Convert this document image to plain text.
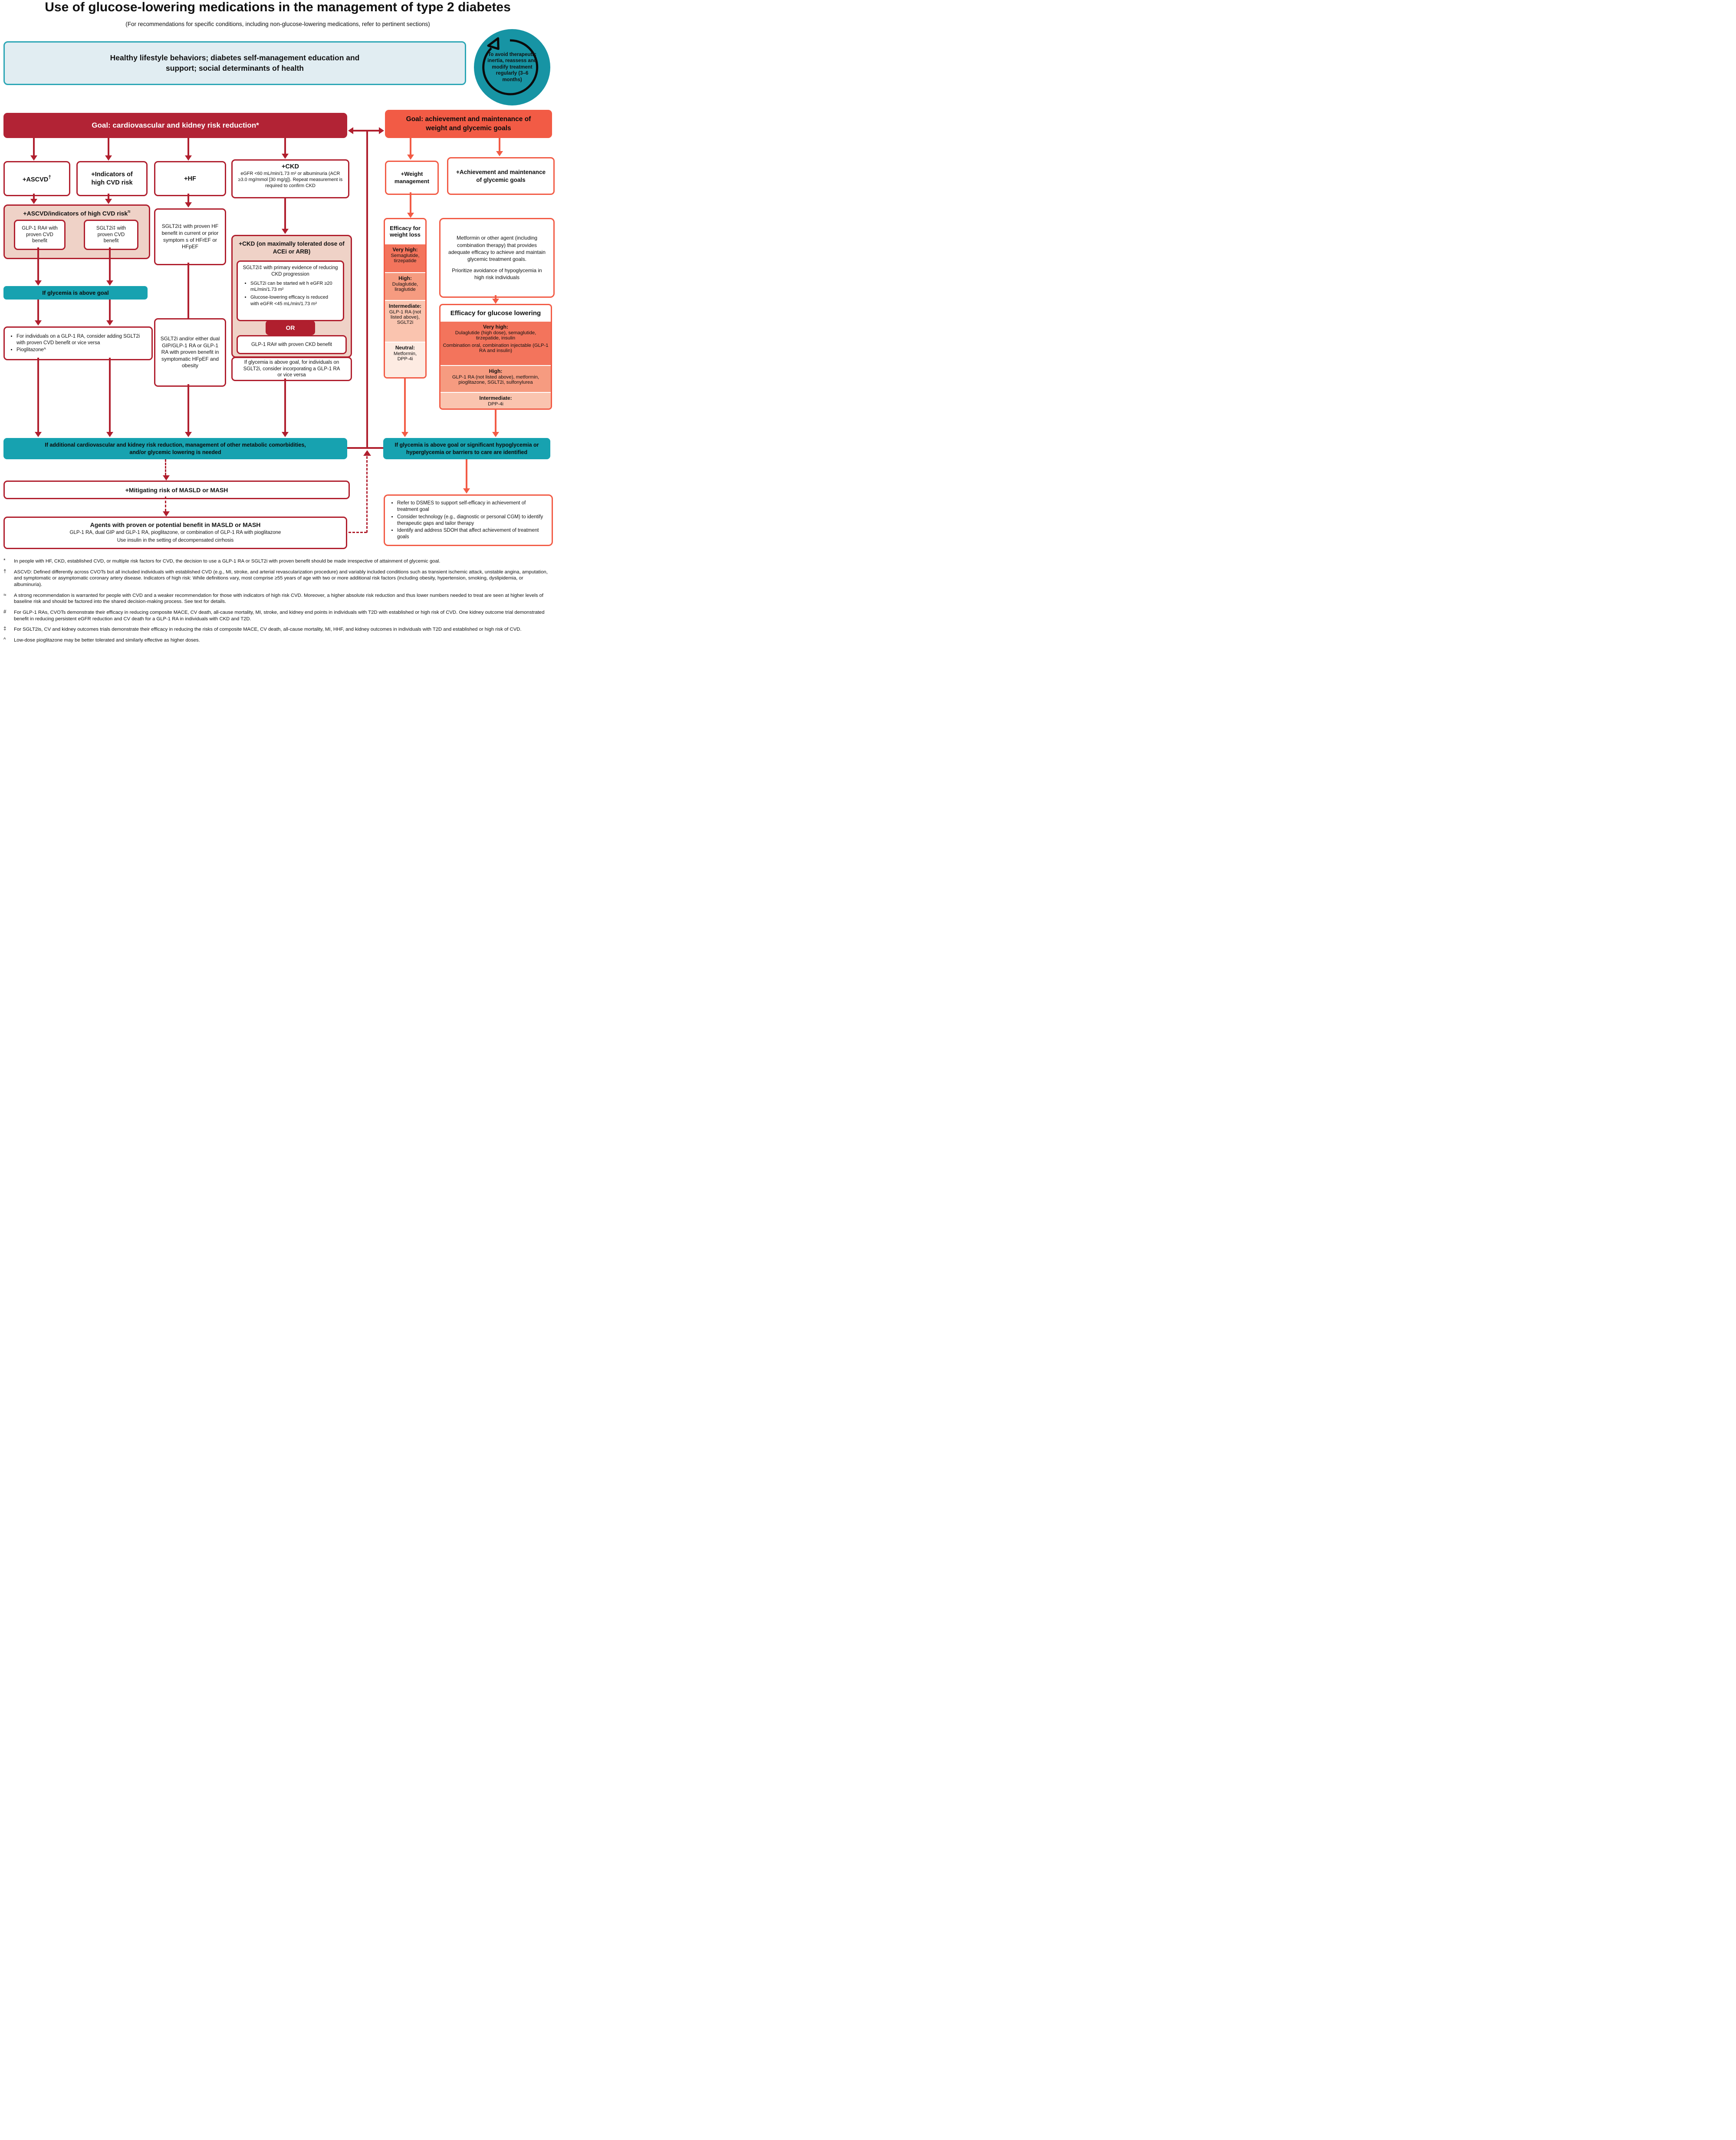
Use of glucose-lowering medications in the management of type 2 diabetes
(For recommendations for specific conditions, including non-glucose-lowering medications, refer to pertinent sections)
Healthy lifestyle behaviors; diabetes self-management education and support; social determinants of health
To avoid therapeutic inertia, reassess and modify treatment regularly (3–6 months)
Goal: cardiovascular and kidney risk reduction*
Goal: achievement and maintenance of weight and glycemic goals
+ASCVD†	+Indicators of high CVD risk
+HF
+CKD
eGFR <60 mL/min/1.73 m² or albuminuria (ACR ≥3.0 mg/mmol [30 mg/g]). Repeat measurement is required to confirm CKD
+ASCVD/indicators of high CVD risk≈
GLP-1 RA# with proven CVD benefit
SGLT2i‡ with proven CVD benefit
If glycemia is above goal
• For individuals on a GLP-1 RA, consider adding SGLT2i with proven CVD benefit or vice versa
• Pioglitazone^
SGLT2i‡ with proven HF benefit in current or prior symptom s of HFrEF or HFpEF
SGLT2i and/or either dual GIP/GLP-1 RA or GLP-1 RA with proven benefit in symptomatic HFpEF and obesity
+CKD (on maximally tolerated dose of ACEi or ARB)
SGLT2i‡ with primary evidence of reducing CKD progression
• SGLT2i can be started wit h eGFR ≥20 mL/min/1.73 m²
• Glucose-lowering efficacy is reduced with eGFR <45 mL/min/1.73 m²
OR
GLP-1 RA# with proven CKD benefit
If glycemia is above goal, for individuals on SGLT2i, consider incorporating a GLP-1 RA or vice versa
If additional cardiovascular and kidney risk reduction, management of other metabolic comorbidities, and/or glycemic lowering is needed
+Mitigating risk of MASLD or MASH
Agents with proven or potential benefit in MASLD or MASH
GLP-1 RA, dual GIP and GLP-1 RA, pioglitazone, or combination of GLP-1 RA with pioglitazone
Use insulin in the setting of decompensated cirrhosis
+Weight management
+Achievement and maintenance of glycemic goals
Efficacy for weight loss
Very high:
Semaglutide, tirzepatide
High:
Dulaglutide, liraglutide
Intermediate:
GLP-1 RA (not listed above), SGLT2i
Neutral:
Metformin, DPP-4i
Metformin or other agent (including combination therapy) that provides adequate efficacy to achieve and maintain glycemic treatment goals.
Prioritize avoidance of hypoglycemia in high risk individuals
Efficacy for glucose lowering
Very high:
Dulaglutide (high dose), semaglutide, tirzepatide, insulin
Combination oral, combination injectable (GLP-1 RA and insulin)
High:
GLP-1 RA (not listed above), metformin, pioglitazone, SGLT2i, sulfonylurea
Intermediate:
DPP-4i
If glycemia is above goal or significant hypoglycemia or hyperglycemia or barriers to care are identified
• Refer to DSMES to support self-efficacy in achievement of treatment goal
• Consider technology (e.g., diagnostic or personal CGM) to identify therapeutic gaps and tailor therapy
• Identify and address SDOH that affect achievement of treatment goals
*	In people with HF, CKD, established CVD, or multiple risk factors for CVD, the decision to use a GLP-1 RA or SGLT2i with proven benefit should be made irrespective of attainment of glycemic goal.
†	ASCVD: Defined differently across CVOTs but all included individuals with established CVD (e.g., MI, stroke, and arterial revascularization procedure) and variably included conditions such as transient ischemic attack, unstable angina, amputation, and symptomatic or asymptomatic coronary artery disease. Indicators of high risk: While definitions vary, most comprise ≥55 years of age with two or more additional risk factors (including obesity, hypertension, smoking, dyslipidemia, or albuminuria).
≈	A strong recommendation is warranted for people with CVD and a weaker recommendation for those with indicators of high risk CVD. Moreover, a higher absolute risk reduction and thus lower numbers needed to treat are seen at higher levels of baseline risk and should be factored into the shared decision-making process. See text for details.
#	For GLP-1 RAs, CVOTs demonstrate their efficacy in reducing composite MACE, CV death, all-cause mortality, MI, stroke, and kidney end points in individuals with T2D with established or high risk of CVD. One kidney outcome trial demonstrated benefit in reducing persistent eGFR reduction and CV death for a GLP-1 RA in individuals with CKD and T2D.
‡	For SGLT2is, CV and kidney outcomes trials demonstrate their efficacy in reducing the risks of composite MACE, CV death, all-cause mortality, MI, HHF, and kidney outcomes in individuals with T2D and established or high risk of CVD.
^	Low-dose pioglitazone may be better tolerated and similarly effective as higher doses.
